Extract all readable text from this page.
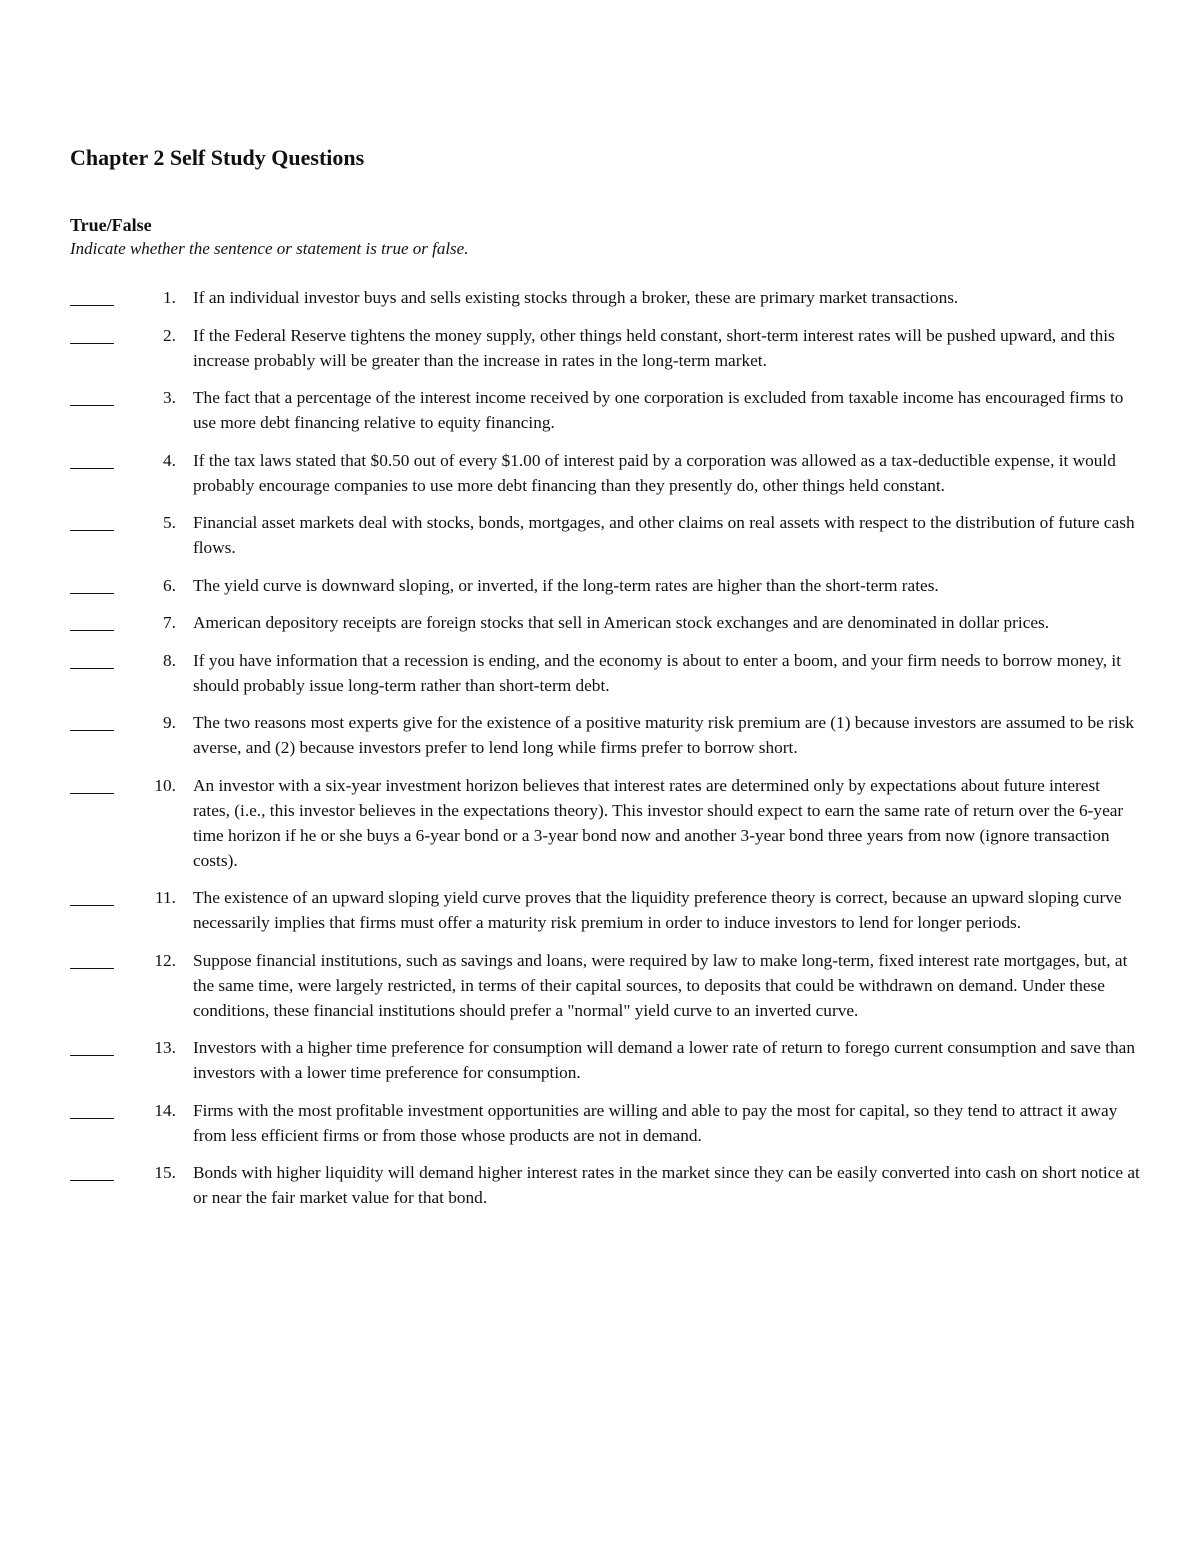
Chapter 2 Self Study Questions
True/False

Indicate whether the sentence or statement is true or false.

1. If an individual investor buys and sells existing stocks through a broker, these are primary market transactions.
2. If the Federal Reserve tightens the money supply, other things held constant, short-term interest rates will be pushed upward, and this increase probably will be greater than the increase in rates in the long-term market.
3. The fact that a percentage of the interest income received by one corporation is excluded from taxable income has encouraged firms to use more debt financing relative to equity financing.
4. If the tax laws stated that $0.50 out of every $1.00 of interest paid by a corporation was allowed as a tax-deductible expense, it would probably encourage companies to use more debt financing than they presently do, other things held constant.
5. Financial asset markets deal with stocks, bonds, mortgages, and other claims on real assets with respect to the distribution of future cash flows.
6. The yield curve is downward sloping, or inverted, if the long-term rates are higher than the short-term rates.
7. American depository receipts are foreign stocks that sell in American stock exchanges and are denominated in dollar prices.
8. If you have information that a recession is ending, and the economy is about to enter a boom, and your firm needs to borrow money, it should probably issue long-term rather than short-term debt.
9. The two reasons most experts give for the existence of a positive maturity risk premium are (1) because investors are assumed to be risk averse, and (2) because investors prefer to lend long while firms prefer to borrow short.
10. An investor with a six-year investment horizon believes that interest rates are determined only by expectations about future interest rates, (i.e., this investor believes in the expectations theory). This investor should expect to earn the same rate of return over the 6-year time horizon if he or she buys a 6-year bond or a 3-year bond now and another 3-year bond three years from now (ignore transaction costs).
11. The existence of an upward sloping yield curve proves that the liquidity preference theory is correct, because an upward sloping curve necessarily implies that firms must offer a maturity risk premium in order to induce investors to lend for longer periods.
12. Suppose financial institutions, such as savings and loans, were required by law to make long-term, fixed interest rate mortgages, but, at the same time, were largely restricted, in terms of their capital sources, to deposits that could be withdrawn on demand. Under these conditions, these financial institutions should prefer a "normal" yield curve to an inverted curve.
13. Investors with a higher time preference for consumption will demand a lower rate of return to forego current consumption and save than investors with a lower time preference for consumption.
14. Firms with the most profitable investment opportunities are willing and able to pay the most for capital, so they tend to attract it away from less efficient firms or from those whose products are not in demand.
15. Bonds with higher liquidity will demand higher interest rates in the market since they can be easily converted into cash on short notice at or near the fair market value for that bond.
